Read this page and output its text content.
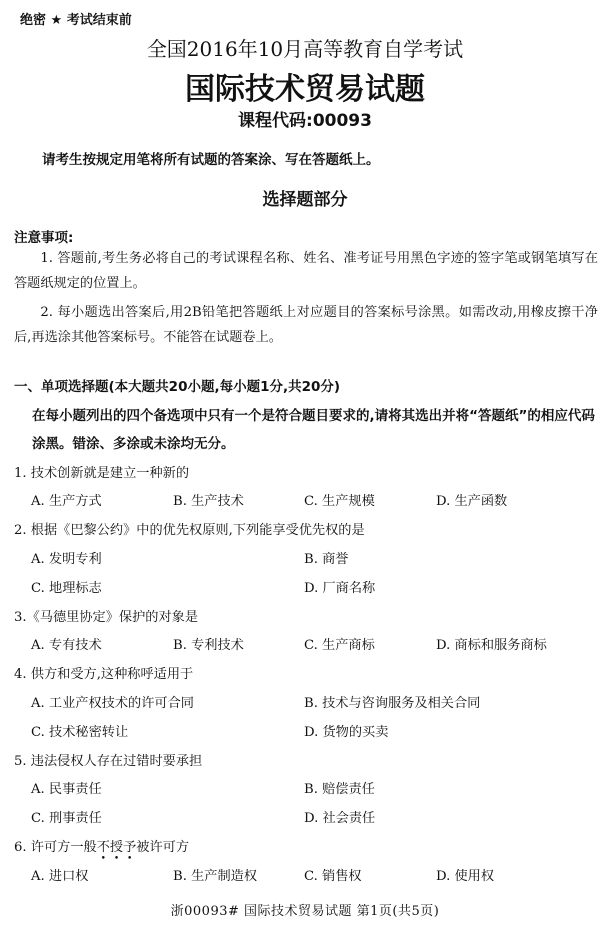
绝密 ★ 考试结束前
全国2016年10月高等教育自学考试
国际技术贸易试题
课程代码:00093
请考生按规定用笔将所有试题的答案涂、写在答题纸上。
选择题部分
注意事项:
1. 答题前,考生务必将自己的考试课程名称、姓名、准考证号用黑色字迹的签字笔或钢笔填写在答题纸规定的位置上。
2. 每小题选出答案后,用2B铅笔把答题纸上对应题目的答案标号涂黑。如需改动,用橡皮擦干净后,再选涂其他答案标号。不能答在试题卷上。
一、单项选择题(本大题共20小题,每小题1分,共20分)
在每小题列出的四个备选项中只有一个是符合题目要求的,请将其选出并将“答题纸”的相应代码涂黑。错涂、多涂或未涂均无分。
1. 技术创新就是建立一种新的
A. 生产方式	B. 生产技术	C. 生产规模	D. 生产函数
2. 根据《巴黎公约》中的优先权原则,下列能享受优先权的是
A. 发明专利	B. 商誉
C. 地理标志	D. 厂商名称
3.《马德里协定》保护的对象是
A. 专有技术	B. 专利技术	C. 生产商标	D. 商标和服务商标
4. 供方和受方,这种称呼适用于
A. 工业产权技术的许可合同	B. 技术与咨询服务及相关合同
C. 技术秘密转让	D. 货物的买卖
5. 违法侵权人存在过错时要承担
A. 民事责任	B. 赔偿责任
C. 刑事责任	D. 社会责任
6. 许可方一般不授予被许可方
A. 进口权	B. 生产制造权	C. 销售权	D. 使用权
浙00093# 国际技术贸易试题 第1页(共5页)
